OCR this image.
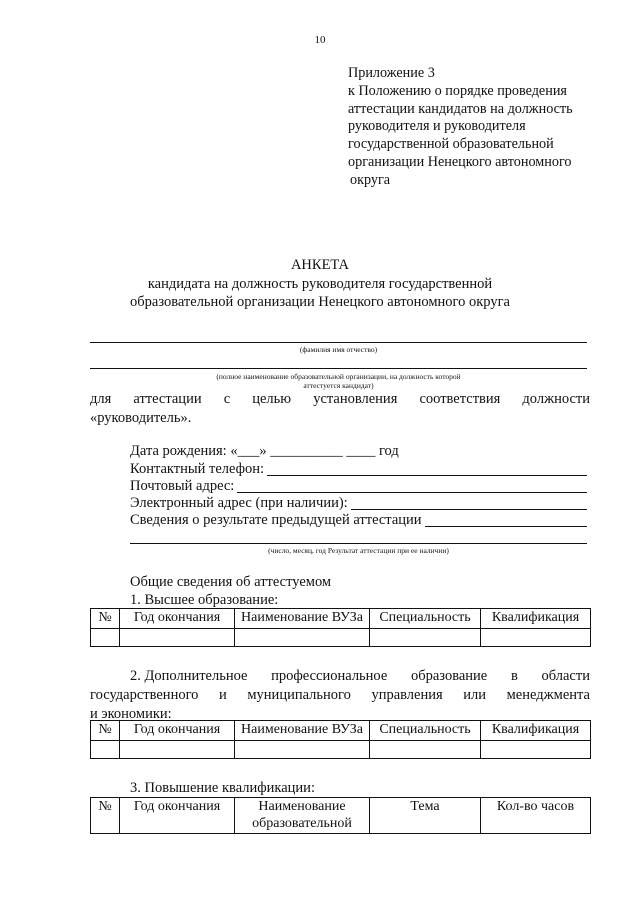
10
Приложение 3
к Положению о порядке проведения
аттестации кандидатов на должность
руководителя и руководителя
государственной образовательной
организации Ненецкого автономного
округа
АНКЕТА
кандидата на должность руководителя государственной
образовательной организации Ненецкого автономного округа
(фамилия имя отчество)
(полное наименование образовательной организации, на должность которой
аттестуется кандидат)
для аттестации с целью установления соответствия должности
«руководитель».
Дата рождения: «___» __________ ____ год
Контактный телефон:
Почтовый адрес:
Электронный адрес (при наличии):
Сведения о результате предыдущей аттестации
(число, месяц, год Результат аттестации при ее наличии)
Общие сведения об аттестуемом
1. Высшее образование:
№	Год окончания	Наименование ВУЗа	Специальность	Квалификация

2. Дополнительное профессиональное образование в области
государственного и муниципального управления или менеджмента
и экономики:
№	Год окончания	Наименование ВУЗа	Специальность	Квалификация

3. Повышение квалификации:
№	Год окончания	Наименование образовательной	Тема	Кол-во часов
